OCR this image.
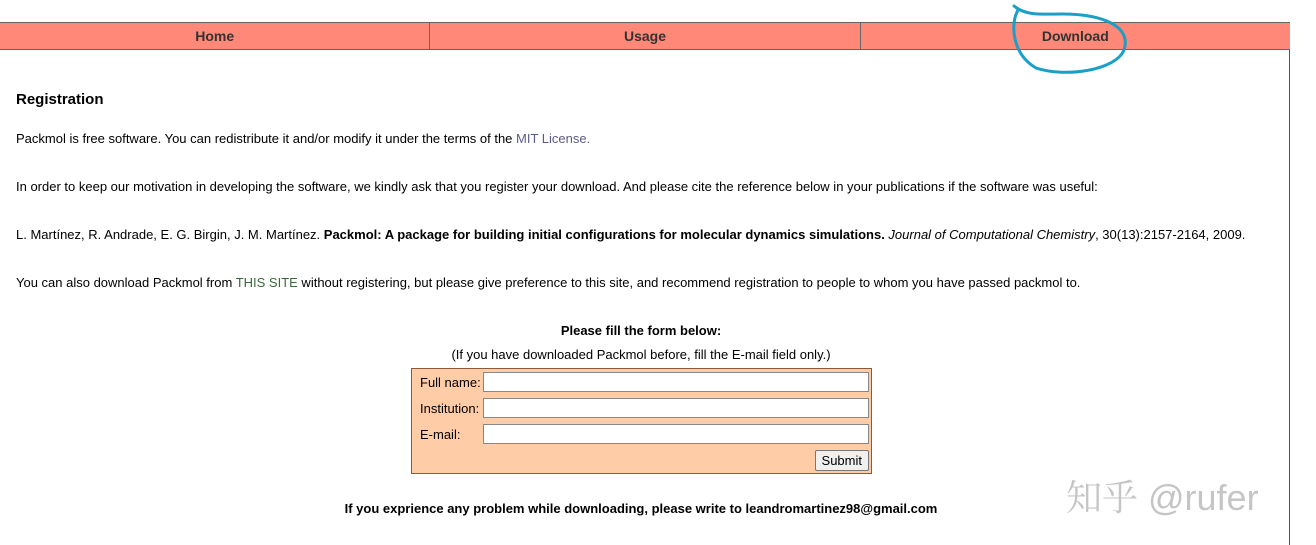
Home	Usage	Download
Registration

Packmol is free software. You can redistribute it and/or modify it under the terms of the MIT License.

In order to keep our motivation in developing the software, we kindly ask that you register your download. And please cite the reference below in your publications if the software was useful:

L. Martínez, R. Andrade, E. G. Birgin, J. M. Martínez. Packmol: A package for building initial configurations for molecular dynamics simulations. Journal of Computational Chemistry, 30(13):2157-2164, 2009.

You can also download Packmol from THIS SITE without registering, but please give preference to this site, and recommend registration to people to whom you have passed packmol to.

Please fill the form below:
(If you have downloaded Packmol before, fill the E-mail field only.)
Full name:
Institution:
E-mail:
Submit
If you exprience any problem while downloading, please write to leandromartinez98@gmail.com	知乎 @rufer
